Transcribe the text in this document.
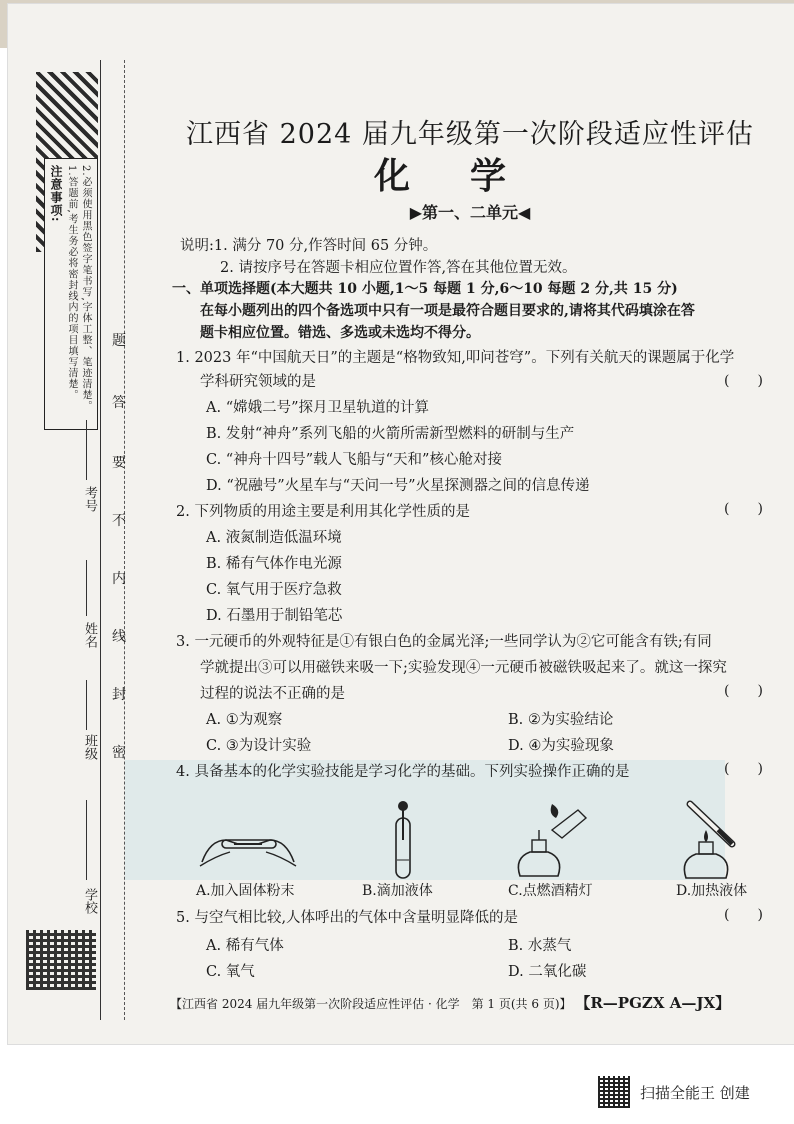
注意事项: 1.答题前,考生务必将密封线内的项目填写清楚。 2.必须使用黑色签字笔书写,字体工整、笔迹清楚。 题
答
要
不
内
线
封
密
考号
姓名
班级
学校
江西省 2024 届九年级第一次阶段适应性评估
化学
▶第一、二单元◀
说明:1. 满分 70 分,作答时间 65 分钟。
2. 请按序号在答题卡相应位置作答,答在其他位置无效。
一、单项选择题(本大题共 10 小题,1～5 每题 1 分,6～10 每题 2 分,共 15 分)
在每小题列出的四个备选项中只有一项是最符合题目要求的,请将其代码填涂在答
题卡相应位置。错选、多选或未选均不得分。
1. 2023 年“中国航天日”的主题是“格物致知,叩问苍穹”。下列有关航天的课题属于化学
学科研究领域的是	(　　)
A. “嫦娥二号”探月卫星轨道的计算
B. 发射“神舟”系列飞船的火箭所需新型燃料的研制与生产
C. “神舟十四号”载人飞船与“天和”核心舱对接
D. “祝融号”火星车与“天问一号”火星探测器之间的信息传递
2. 下列物质的用途主要是利用其化学性质的是	(　　)
A. 液氮制造低温环境
B. 稀有气体作电光源
C. 氧气用于医疗急救
D. 石墨用于制铅笔芯
3. 一元硬币的外观特征是①有银白色的金属光泽;一些同学认为②它可能含有铁;有同
学就提出③可以用磁铁来吸一下;实验发现④一元硬币被磁铁吸起来了。就这一探究
过程的说法不正确的是	(　　)
A. ①为观察	B. ②为实验结论
C. ③为设计实验	D. ④为实验现象
4. 具备基本的化学实验技能是学习化学的基础。下列实验操作正确的是	(　　)
A.加入固体粉末	B.滴加液体	C.点燃酒精灯	D.加热液体
5. 与空气相比较,人体呼出的气体中含量明显降低的是	(　　)
A. 稀有气体	B. 水蒸气
C. 氧气	D. 二氧化碳
【江西省 2024 届九年级第一次阶段适应性评估 · 化学　第 1 页(共 6 页)】 【R—PGZX A—JX】
扫描全能王 创建
